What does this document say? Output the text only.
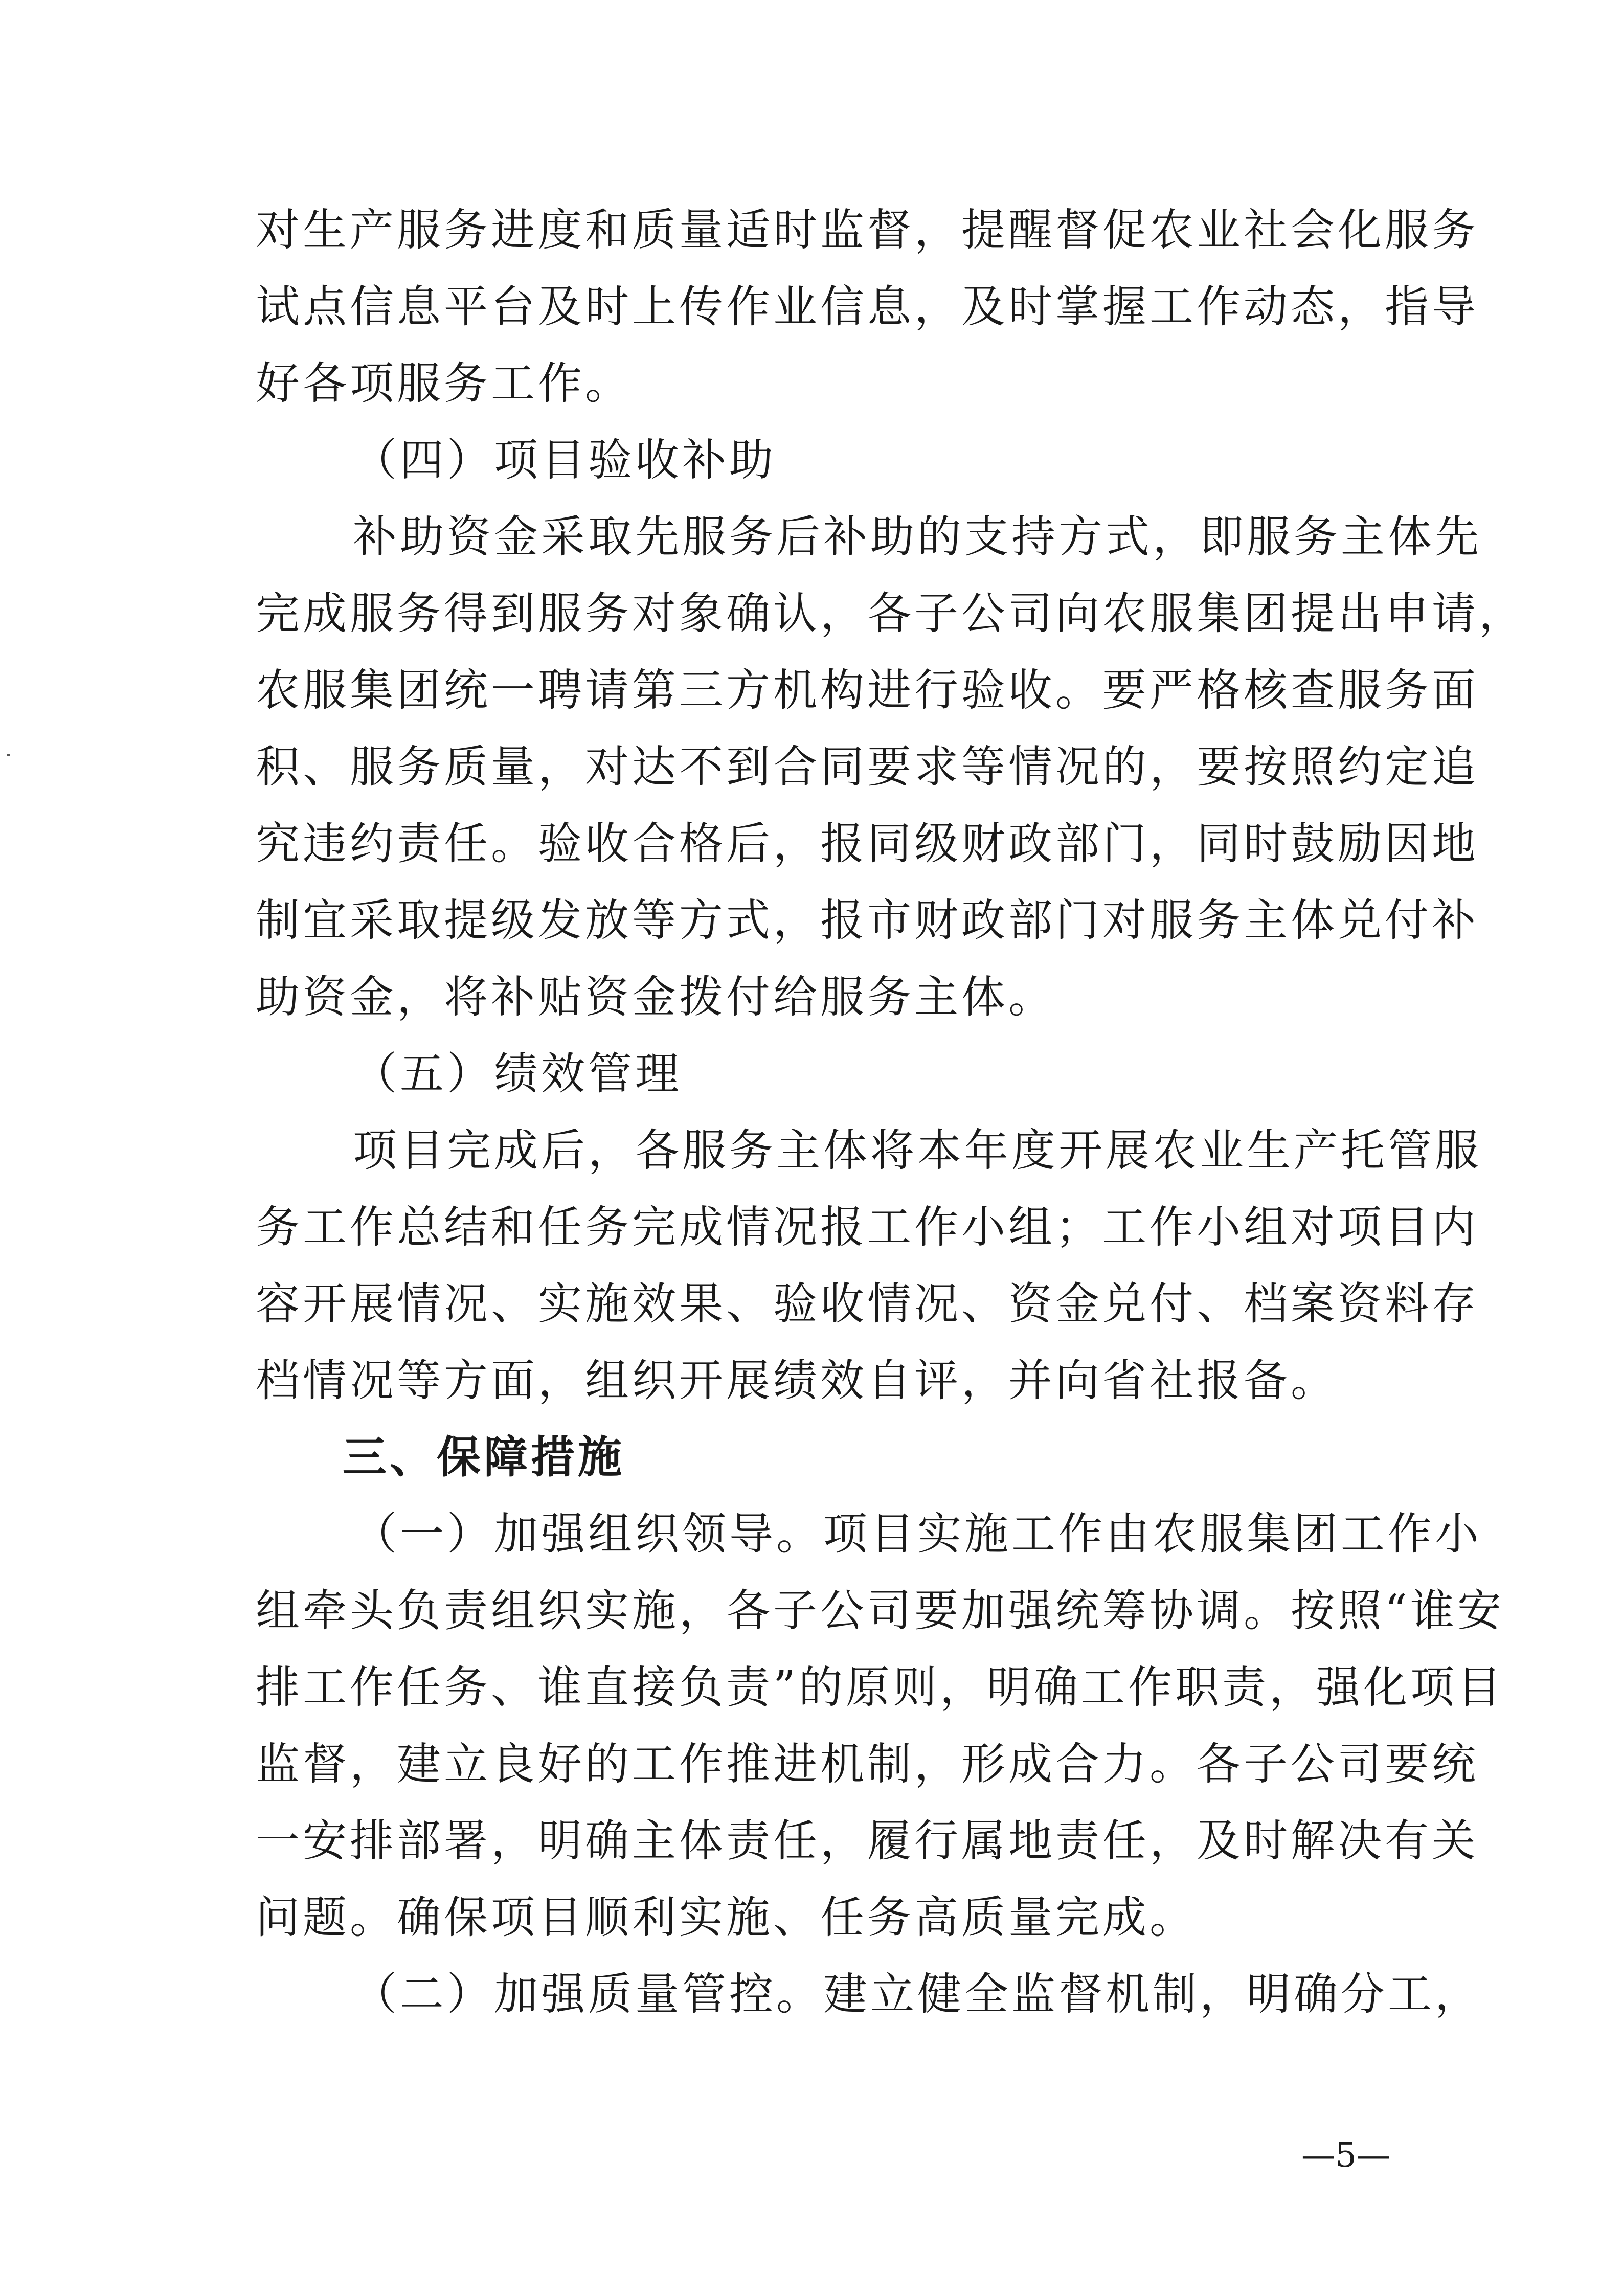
对生产服务进度和质量适时监督，提醒督促农业社会化服务

试点信息平台及时上传作业信息，及时掌握工作动态，指导

好各项服务工作。

（四）项目验收补助

补助资金采取先服务后补助的支持方式，即服务主体先

完成服务得到服务对象确认，各子公司向农服集团提出申请，

农服集团统一聘请第三方机构进行验收。要严格核查服务面

积、服务质量，对达不到合同要求等情况的，要按照约定追

究违约责任。验收合格后，报同级财政部门，同时鼓励因地

制宜采取提级发放等方式，报市财政部门对服务主体兑付补

助资金，将补贴资金拨付给服务主体。

（五）绩效管理

项目完成后，各服务主体将本年度开展农业生产托管服

务工作总结和任务完成情况报工作小组；工作小组对项目内

容开展情况、实施效果、验收情况、资金兑付、档案资料存

档情况等方面，组织开展绩效自评，并向省社报备。

三、保障措施

（一）加强组织领导。项目实施工作由农服集团工作小

组牵头负责组织实施，各子公司要加强统筹协调。按照“谁安

排工作任务、谁直接负责”的原则，明确工作职责，强化项目

监督，建立良好的工作推进机制，形成合力。各子公司要统

一安排部署，明确主体责任，履行属地责任，及时解决有关

问题。确保项目顺利实施、任务高质量完成。

（二）加强质量管控。建立健全监督机制，明确分工，

—5—
